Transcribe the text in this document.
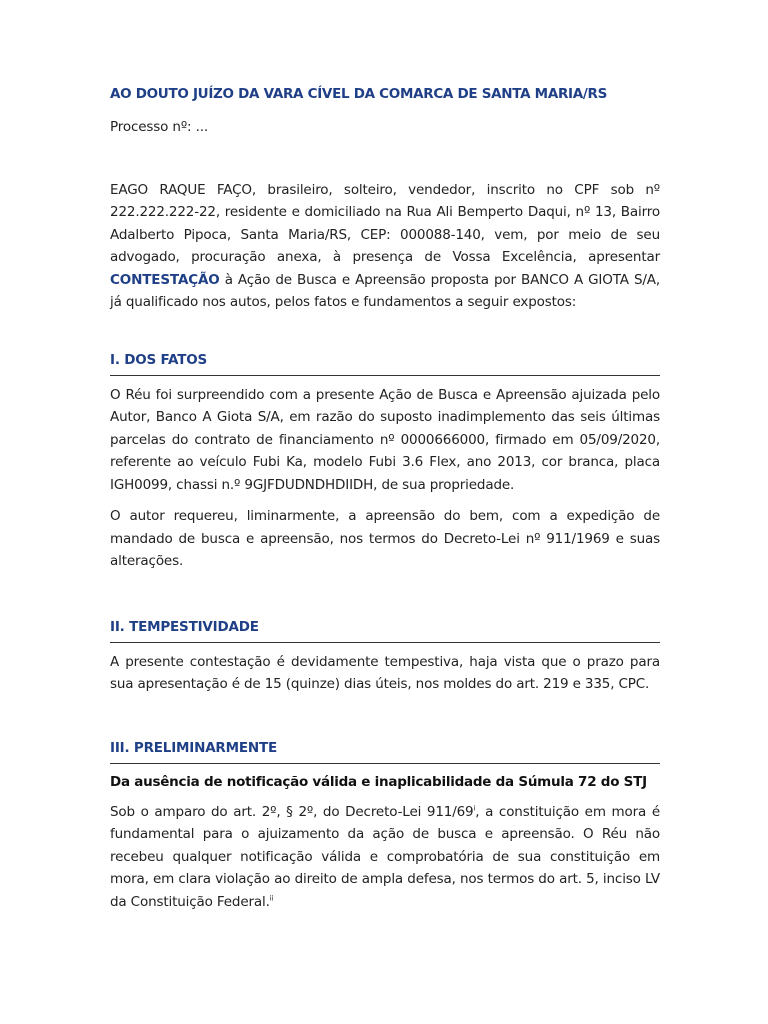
AO DOUTO JUÍZO DA VARA CÍVEL DA COMARCA DE SANTA MARIA/RS

Processo nº: ...

EAGO RAQUE FAÇO, brasileiro, solteiro, vendedor, inscrito no CPF sob nº 222.222.222-22, residente e domiciliado na Rua Ali Bemperto Daqui, nº 13, Bairro Adalberto Pipoca, Santa Maria/RS, CEP: 000088-140, vem, por meio de seu advogado, procuração anexa, à presença de Vossa Excelência, apresentar CONTESTAÇÃO à Ação de Busca e Apreensão proposta por BANCO A GIOTA S/A, já qualificado nos autos, pelos fatos e fundamentos a seguir expostos:

I. DOS FATOS

O Réu foi surpreendido com a presente Ação de Busca e Apreensão ajuizada pelo Autor, Banco A Giota S/A, em razão do suposto inadimplemento das seis últimas parcelas do contrato de financiamento nº 0000666000, firmado em 05/09/2020, referente ao veículo Fubi Ka, modelo Fubi 3.6 Flex, ano 2013, cor branca, placa IGH0099, chassi n.º 9GJFDUDNDHDIIDH, de sua propriedade.

O autor requereu, liminarmente, a apreensão do bem, com a expedição de mandado de busca e apreensão, nos termos do Decreto-Lei nº 911/1969 e suas alterações.

II. TEMPESTIVIDADE

A presente contestação é devidamente tempestiva, haja vista que o prazo para sua apresentação é de 15 (quinze) dias úteis, nos moldes do art. 219 e 335, CPC.

III. PRELIMINARMENTE

Da ausência de notificação válida e inaplicabilidade da Súmula 72 do STJ

Sob o amparo do art. 2º, § 2º, do Decreto-Lei 911/69$^i$, a constituição em mora é fundamental para o ajuizamento da ação de busca e apreensão. O Réu não recebeu qualquer notificação válida e comprobatória de sua constituição em mora, em clara violação ao direito de ampla defesa, nos termos do art. 5, inciso LV da Constituição Federal.$^{ii}$
